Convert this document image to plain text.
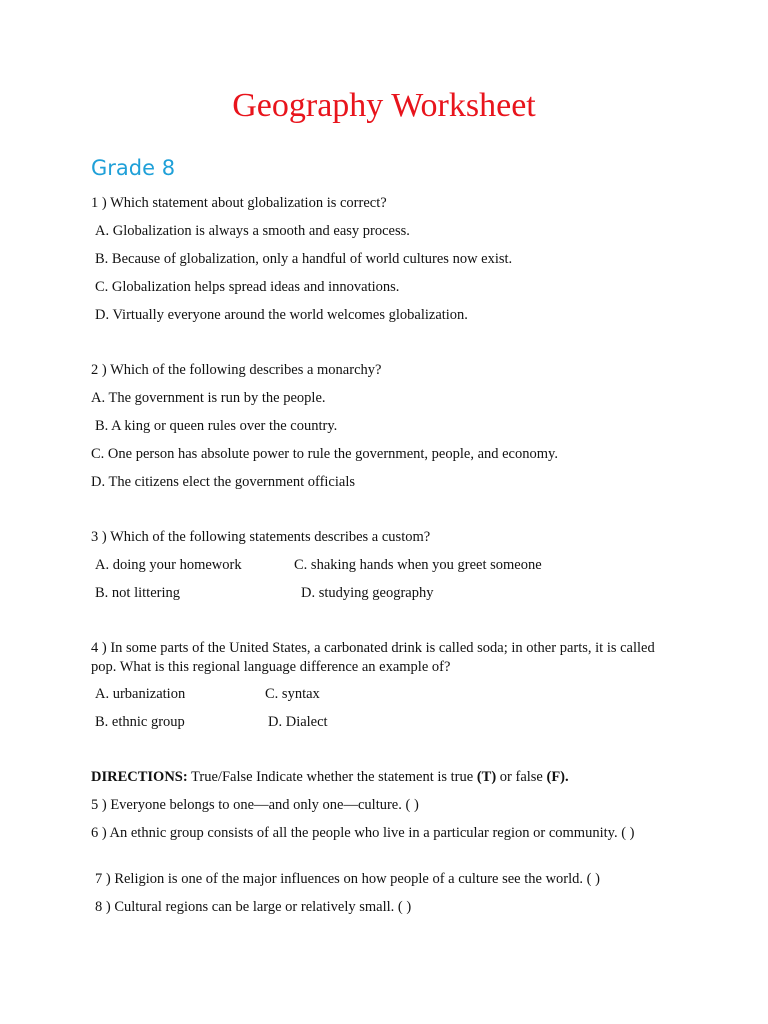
Geography Worksheet
Grade 8
1 ) Which statement about globalization is correct?
A. Globalization is always a smooth and easy process.
B. Because of globalization, only a handful of world cultures now exist.
C. Globalization helps spread ideas and innovations.
D. Virtually everyone around the world welcomes globalization.
2 ) Which of the following describes a monarchy?
A. The government is run by the people.
B. A king or queen rules over the country.
C. One person has absolute power to rule the government, people, and economy.
D. The citizens elect the government officials
3 ) Which of the following statements describes a custom?
A. doing your homework	C. shaking hands when you greet someone
B. not littering	D. studying geography
4 ) In some parts of the United States, a carbonated drink is called soda; in other parts, it is called pop. What is this regional language difference an example of?
A. urbanization	C. syntax
B. ethnic group	D. Dialect
DIRECTIONS: True/False Indicate whether the statement is true (T) or false (F).
5 ) Everyone belongs to one—and only one—culture. ( )
6 ) An ethnic group consists of all the people who live in a particular region or community. ( )
7 ) Religion is one of the major influences on how people of a culture see the world. ( )
8 ) Cultural regions can be large or relatively small. ( )
